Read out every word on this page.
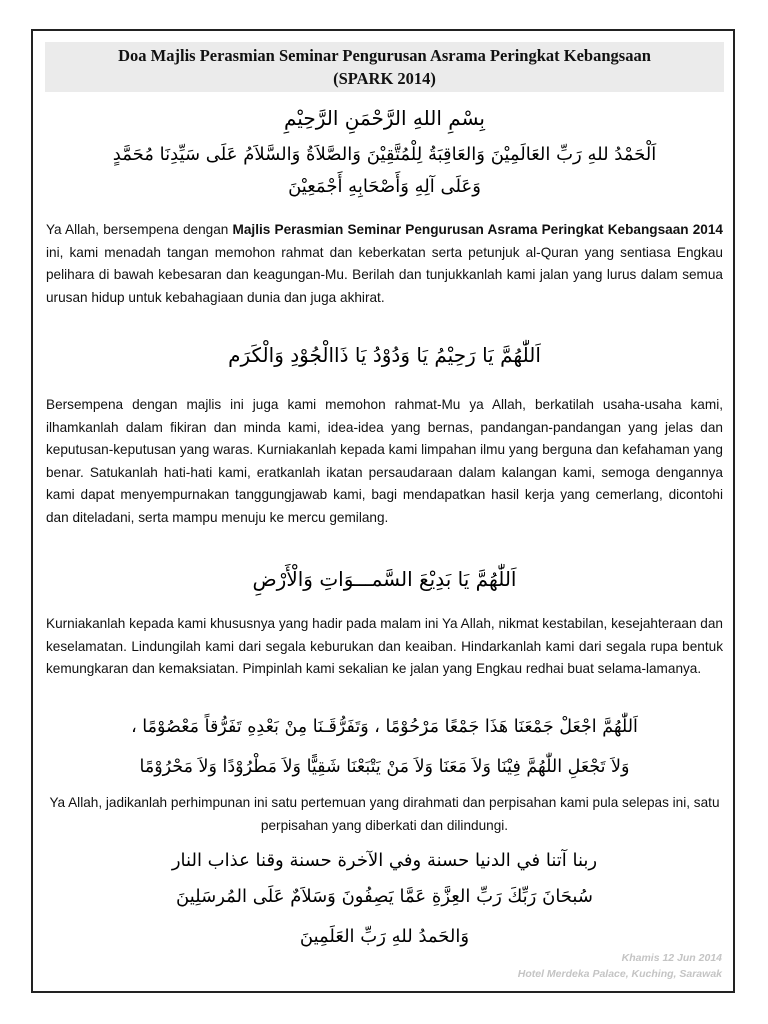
Doa Majlis Perasmian Seminar Pengurusan Asrama Peringkat Kebangsaan
(SPARK 2014)
بِسْمِ اللهِ الرَّحْمَنِ الرَّحِيْمِ
اَلْحَمْدُ للهِ رَبِّ العَالَمِيْنَ وَالعَاقِبَةُ لِلْمُتَّقِيْنَ وَالصَّلاَةُ وَالسَّلاَمُ عَلَى سَيِّدِنَا مُحَمَّدٍ
وَعَلَى آلِهِ وَأَصْحَابِهِ أَجْمَعِيْنَ
Ya Allah, bersempena dengan Majlis Perasmian Seminar Pengurusan Asrama Peringkat Kebangsaan 2014 ini, kami menadah tangan memohon rahmat dan keberkatan serta petunjuk al-Quran yang sentiasa Engkau pelihara di bawah kebesaran dan keagungan-Mu. Berilah dan tunjukkanlah kami jalan yang lurus dalam semua urusan hidup untuk kebahagiaan dunia dan juga akhirat.
اَللّٰهُمَّ يَا رَحِيْمُ يَا وَدُوْدُ يَا ذَاالْجُوْدِ وَالْكَرَم
Bersempena dengan majlis ini juga kami memohon rahmat-Mu ya Allah, berkatilah usaha-usaha kami, ilhamkanlah dalam fikiran dan minda kami, idea-idea yang bernas, pandangan-pandangan yang jelas dan keputusan-keputusan yang waras. Kurniakanlah kepada kami limpahan ilmu yang berguna dan kefahaman yang benar. Satukanlah hati-hati kami, eratkanlah ikatan persaudaraan dalam kalangan kami, semoga dengannya kami dapat menyempurnakan tanggungjawab kami, bagi mendapatkan hasil kerja yang cemerlang, dicontohi dan diteladani, serta mampu menuju ke mercu gemilang.
اَللّٰهُمَّ يَا بَدِيْعَ السَّمـــوَاتِ وَالْأَرْضِ
Kurniakanlah kepada kami khususnya yang hadir pada malam ini Ya Allah, nikmat kestabilan, kesejahteraan dan keselamatan. Lindungilah kami dari segala keburukan dan keaiban. Hindarkanlah kami dari segala rupa bentuk kemungkaran dan kemaksiatan. Pimpinlah kami sekalian ke jalan yang Engkau redhai buat selama-lamanya.
اَللّٰهُمَّ اجْعَلْ جَمْعَنَا هَذَا جَمْعًا مَرْحُوْمًا ، وَتَفَرُّقَـنَا مِنْ بَعْدِهِ تَفَرُّقاً مَعْصُوْمًا ،
وَلاَ تَجْعَلِ اللّٰهُمَّ فِيْنَا وَلاَ مَعَنَا وَلاَ مَنْ يَتْبَعْنَا شَقِيًّا وَلاَ مَطْرُوْدًا وَلاَ مَحْرُوْمًا
Ya Allah, jadikanlah perhimpunan ini satu pertemuan yang dirahmati dan perpisahan kami pula selepas ini, satu perpisahan yang diberkati dan dilindungi.
ربنا آتنا في الدنيا حسنة وفي الآخرة حسنة وقنا عذاب النار
سُبحَانَ رَبِّكَ رَبِّ العِزَّةِ عَمَّا يَصِفُونَ وَسَلاَمٌ عَلَى المُرسَلِينَ
وَالحَمدُ للهِ رَبِّ العَلَمِينَ
Khamis 12 Jun 2014
Hotel Merdeka Palace, Kuching, Sarawak
